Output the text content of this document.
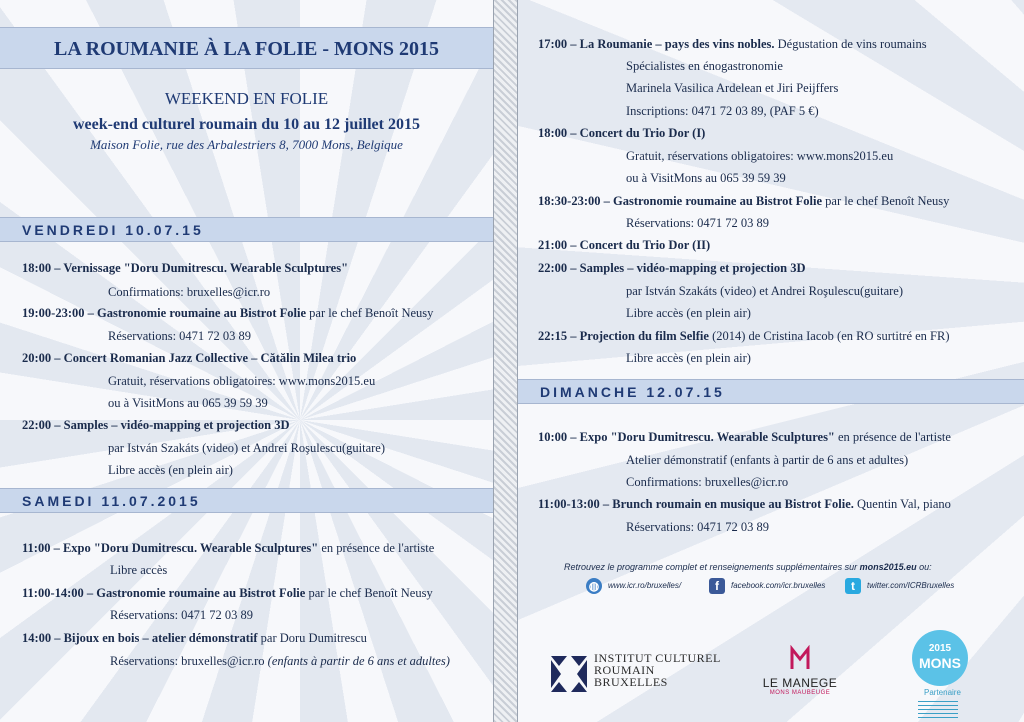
LA ROUMANIE À LA FOLIE - MONS 2015
WEEKEND EN FOLIE
week-end culturel roumain du 10 au 12 juillet 2015
Maison Folie, rue des Arbalestriers 8, 7000 Mons, Belgique
VENDREDI 10.07.15
18:00 – Vernissage "Doru Dumitrescu. Wearable Sculptures"
Confirmations: bruxelles@icr.ro
19:00-23:00 – Gastronomie roumaine au Bistrot Folie par le chef Benoît Neusy
Réservations: 0471 72 03 89
20:00 – Concert Romanian Jazz Collective – Cătălin Milea trio
Gratuit, réservations obligatoires: www.mons2015.eu
ou à VisitMons au 065 39 59 39
22:00 – Samples – vidéo-mapping et projection 3D
par István Szakáts (video) et Andrei Roşulescu(guitare)
Libre accès (en plein air)
SAMEDI 11.07.2015
11:00 – Expo "Doru Dumitrescu. Wearable Sculptures" en présence de l'artiste
Libre accès
11:00-14:00 – Gastronomie roumaine au Bistrot Folie par le chef Benoît Neusy
Réservations: 0471 72 03 89
14:00 – Bijoux en bois – atelier démonstratif par Doru Dumitrescu
Réservations: bruxelles@icr.ro (enfants à partir de 6 ans et adultes)
17:00 – La Roumanie – pays des vins nobles. Dégustation de vins roumains
Spécialistes en énogastronomie
Marinela Vasilica Ardelean et Jiri Peijffers
Inscriptions: 0471 72 03 89, (PAF 5 €)
18:00 – Concert du Trio Dor (I)
Gratuit, réservations obligatoires: www.mons2015.eu
ou à VisitMons au 065 39 59 39
18:30-23:00 – Gastronomie roumaine au Bistrot Folie par le chef Benoît Neusy
Réservations: 0471 72 03 89
21:00 – Concert du Trio Dor (II)
22:00 – Samples – vidéo-mapping et projection 3D
par István Szakáts (video) et Andrei Roşulescu(guitare)
Libre accès (en plein air)
22:15 – Projection du film Selfie (2014) de Cristina Iacob (en RO surtitré en FR)
Libre accès (en plein air)
DIMANCHE 12.07.15
10:00 – Expo "Doru Dumitrescu. Wearable Sculptures" en présence de l'artiste
Atelier démonstratif (enfants à partir de 6 ans et adultes)
Confirmations: bruxelles@icr.ro
11:00-13:00 – Brunch roumain en musique au Bistrot Folie. Quentin Val, piano
Réservations: 0471 72 03 89
Retrouvez le programme complet et renseignements supplémentaires sur mons2015.eu ou:
◍ www.icr.ro/bruxelles/	f facebook.com/icr.bruxelles	t twitter.com/ICRBruxelles
INSTITUT CULTUREL
ROUMAIN
BRUXELLES	LE MANEGE
MONS MAUBEUGE
2015
MONS
Partenaire
